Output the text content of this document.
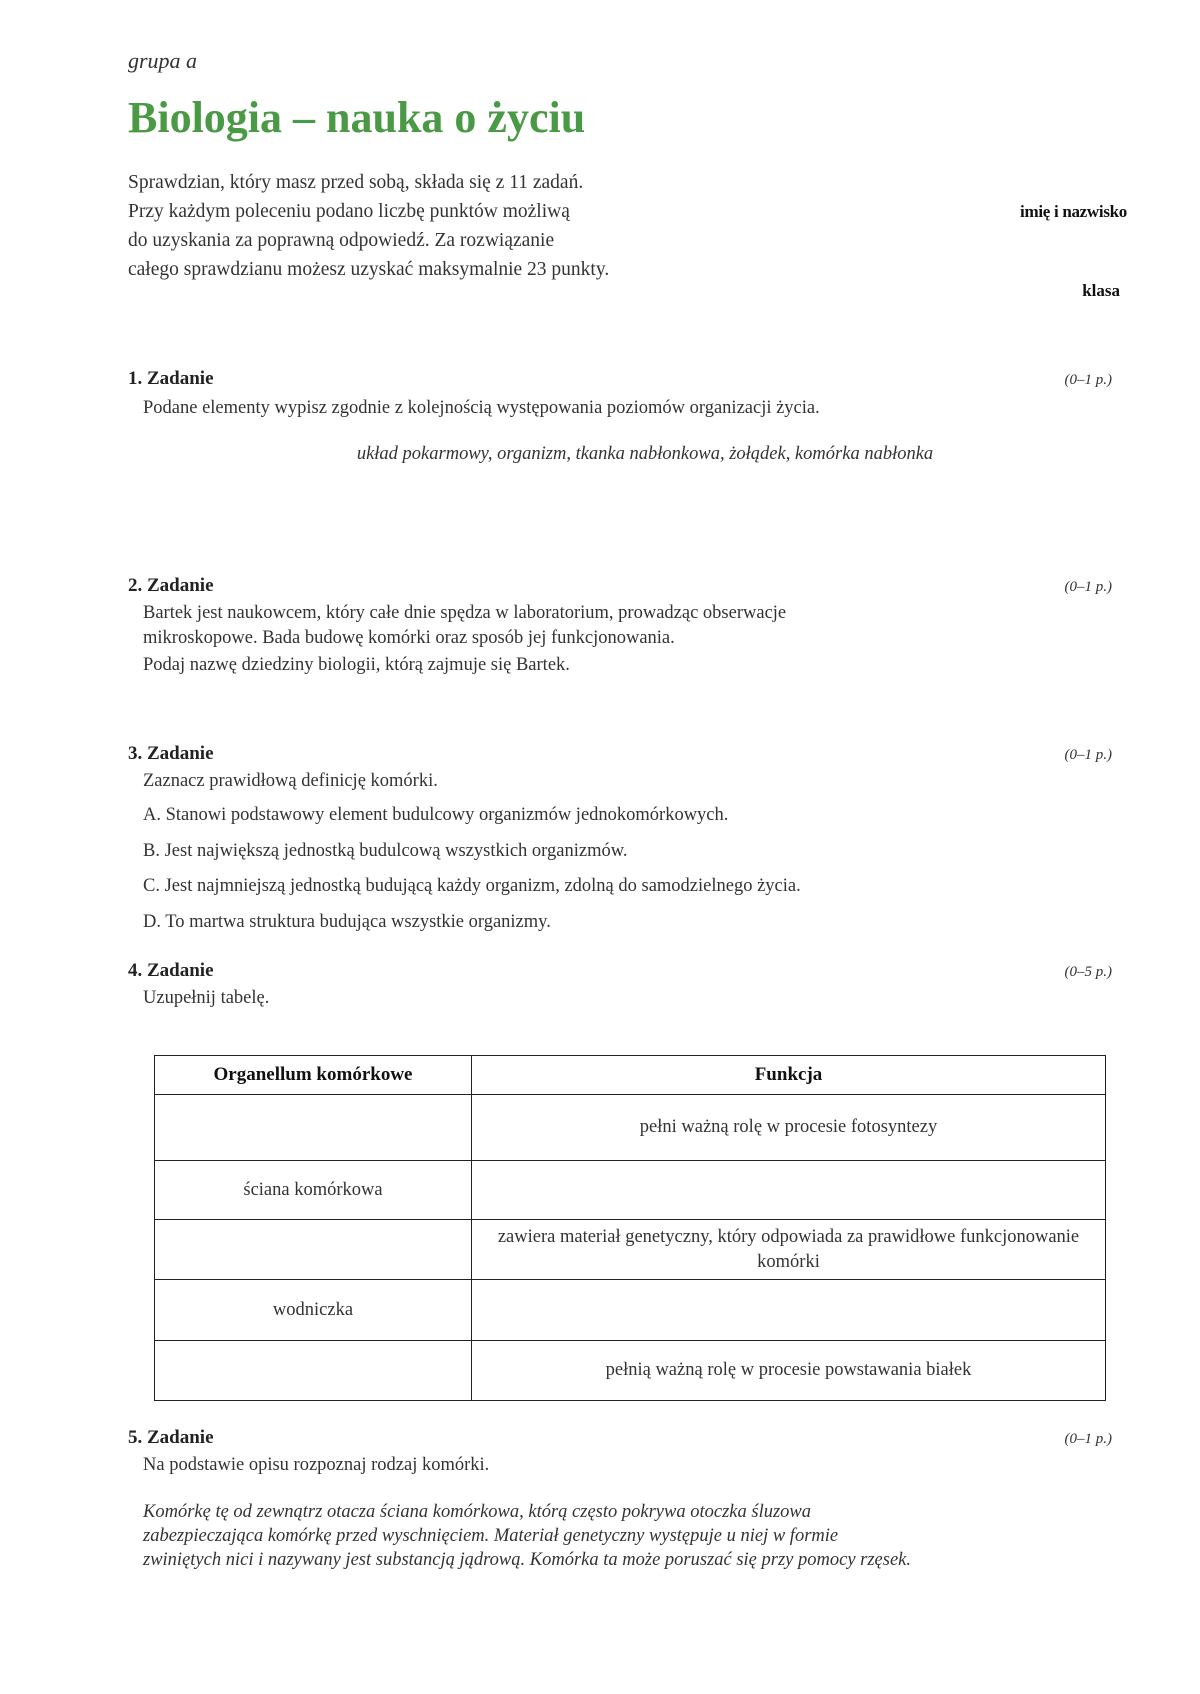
grupa a
Biologia – nauka o życiu
Sprawdzian, który masz przed sobą, składa się z 11 zadań.
Przy każdym poleceniu podano liczbę punktów możliwą
do uzyskania za poprawną odpowiedź. Za rozwiązanie
całego sprawdzianu możesz uzyskać maksymalnie 23 punkty.
imię i nazwisko
klasa
1. Zadanie	(0–1 p.)
Podane elementy wypisz zgodnie z kolejnością występowania poziomów organizacji życia.
układ pokarmowy, organizm, tkanka nabłonkowa, żołądek, komórka nabłonka
2. Zadanie	(0–1 p.)
Bartek jest naukowcem, który całe dnie spędza w laboratorium, prowadząc obserwacje
mikroskopowe. Bada budowę komórki oraz sposób jej funkcjonowania.
Podaj nazwę dziedziny biologii, którą zajmuje się Bartek.
3. Zadanie	(0–1 p.)
Zaznacz prawidłową definicję komórki.
A. Stanowi podstawowy element budulcowy organizmów jednokomórkowych.
B. Jest największą jednostką budulcową wszystkich organizmów.
C. Jest najmniejszą jednostką budującą każdy organizm, zdolną do samodzielnego życia.
D. To martwa struktura budująca wszystkie organizmy.
4. Zadanie	(0–5 p.)
Uzupełnij tabelę.
Organellum komórkowe	Funkcja
	pełni ważną rolę w procesie fotosyntezy
ściana komórkowa	
	zawiera materiał genetyczny, który odpowiada za prawidłowe funkcjonowanie komórki
wodniczka	
	pełnią ważną rolę w procesie powstawania białek
5. Zadanie	(0–1 p.)
Na podstawie opisu rozpoznaj rodzaj komórki.
Komórkę tę od zewnątrz otacza ściana komórkowa, którą często pokrywa otoczka śluzowa
zabezpieczająca komórkę przed wyschnięciem. Materiał genetyczny występuje u niej w formie
zwiniętych nici i nazywany jest substancją jądrową. Komórka ta może poruszać się przy pomocy rzęsek.
